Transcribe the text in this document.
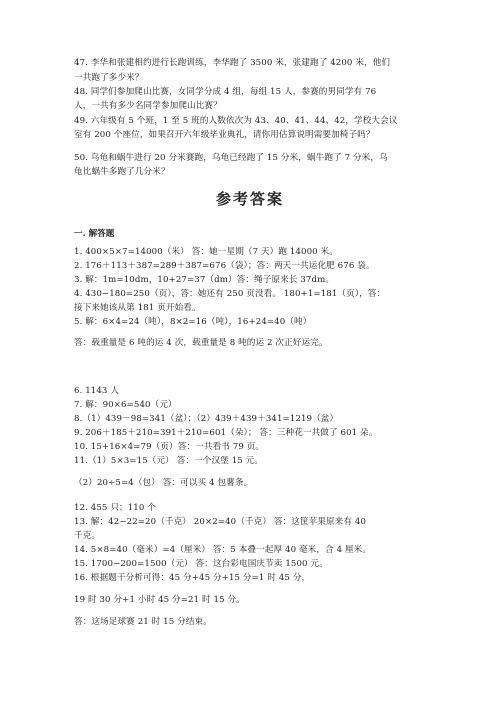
47. 李华和张建相约进行长跑训练，李华跑了 3500 米，张建跑了 4200 米，他们
一共跑了多少米？
48. 同学们参加爬山比赛，女同学分成 4 组，每组 15 人，参赛的男同学有 76
人，一共有多少名同学参加爬山比赛？
49. 六年级有 5 个班，1 至 5 班的人数依次为 43、40、41、44、42，学校大会议
室有 200 个座位，如果召开六年级毕业典礼，请你用估算说明需要加椅子吗？
50. 乌龟和蜗牛进行 20 分米赛跑，乌龟已经跑了 15 分米，蜗牛跑了 7 分米，乌
龟比蜗牛多跑了几分米？
参考答案
一. 解答题
1. 400×5×7=14000（米） 答：她一星期（7 天）跑 14000 米。
2. 176＋113＋387=289＋387=676（袋）；答：两天一共运化肥 676 袋。
3. 解：1m=10dm，10+27=37（dm）答：绳子原来长 37dm。
4. 430−180=250（页），答：她还有 250 页没看。 180+1=181（页），答：
接下来她该从第 181 页开始看。
5. 解：6×4=24（吨），8×2=16（吨），16+24=40（吨）
答：载重量是 6 吨的运 4 次，载重量是 8 吨的运 2 次正好运完。
6. 1143 人
7. 解：90×6=540（元）
8.（1）439－98=341（盆）；（2）439＋439＋341=1219（盆）
9. 206＋185＋210=391＋210=601（朵）； 答：三种花一共做了 601 朵。
10. 15+16×4=79（页）答：一共看书 79 页。
11.（1）5×3=15（元） 答：一个汉堡 15 元。
（2）20÷5=4（包） 答：可以买 4 包薯条。
12. 455 只；110 个
13. 解：42−22=20（千克） 20×2=40（千克） 答：这筐苹果原来有 40
千克。
14. 5×8=40（毫米）=4（厘米） 答：5 本叠一起厚 40 毫米，合 4 厘米。
15. 1700−200=1500（元） 答：这台彩电国庆节卖 1500 元。
16. 根据题干分析可得：45 分+45 分+15 分=1 时 45 分，
19 时 30 分+1 小时 45 分=21 时 15 分。
答：这场足球赛 21 时 15 分结束。
